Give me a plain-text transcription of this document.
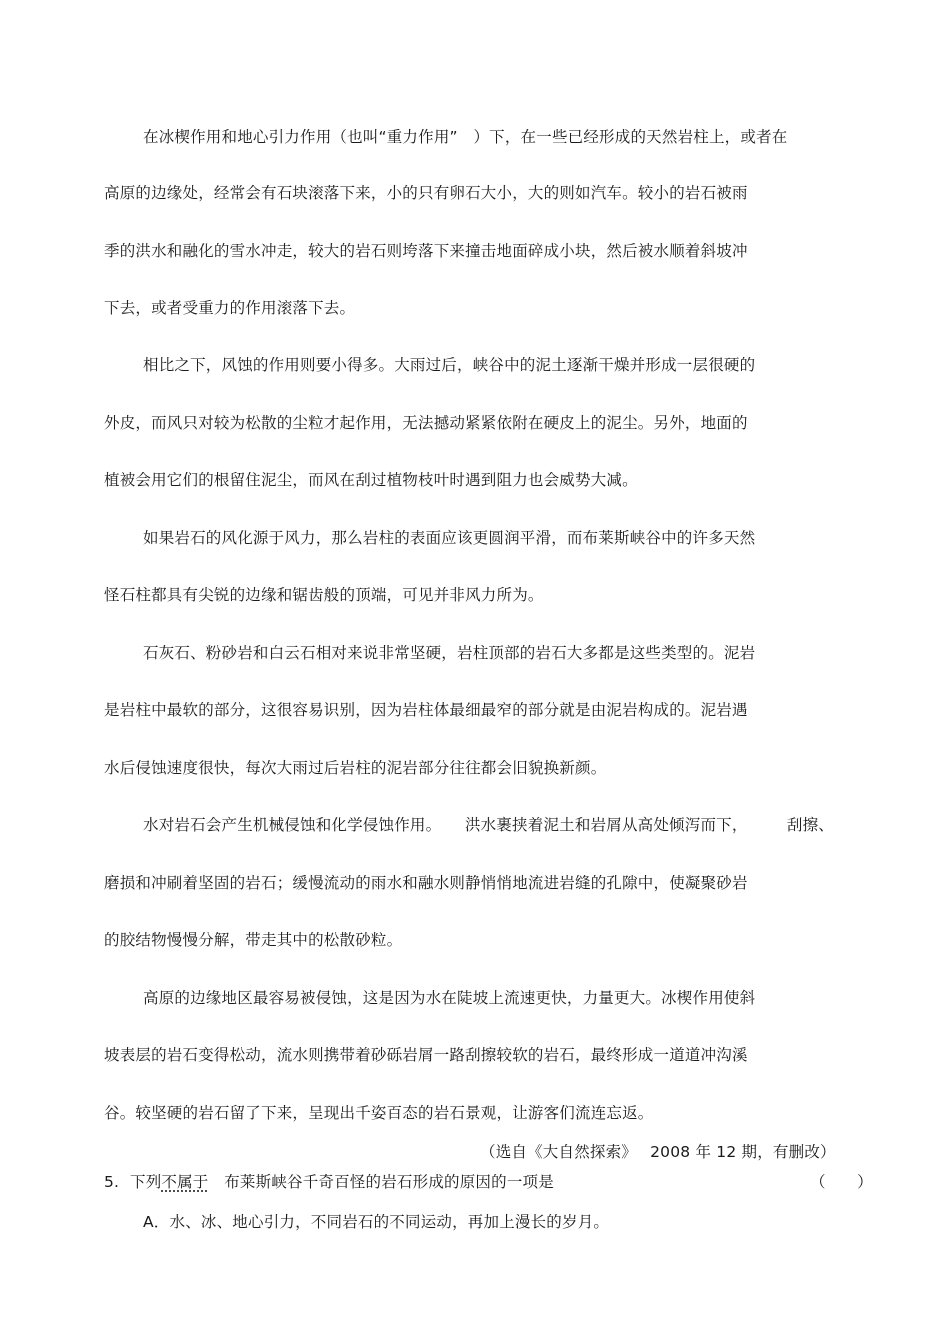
在冰楔作用和地心引力作用（也叫“重力作用”　）下，在一些已经形成的天然岩柱上，或者在
高原的边缘处，经常会有石块滚落下来，小的只有卵石大小，大的则如汽车。较小的岩石被雨
季的洪水和融化的雪水冲走，较大的岩石则垮落下来撞击地面碎成小块，然后被水顺着斜坡冲
下去，或者受重力的作用滚落下去。
相比之下，风蚀的作用则要小得多。大雨过后，峡谷中的泥土逐渐干燥并形成一层很硬的
外皮，而风只对较为松散的尘粒才起作用，无法撼动紧紧依附在硬皮上的泥尘。另外，地面的
植被会用它们的根留住泥尘，而风在刮过植物枝叶时遇到阻力也会威势大减。
如果岩石的风化源于风力，那么岩柱的表面应该更圆润平滑，而布莱斯峡谷中的许多天然
怪石柱都具有尖锐的边缘和锯齿般的顶端，可见并非风力所为。
石灰石、粉砂岩和白云石相对来说非常坚硬，岩柱顶部的岩石大多都是这些类型的。泥岩
是岩柱中最软的部分，这很容易识别，因为岩柱体最细最窄的部分就是由泥岩构成的。泥岩遇
水后侵蚀速度很快，每次大雨过后岩柱的泥岩部分往往都会旧貌换新颜。
水对岩石会产生机械侵蚀和化学侵蚀作用。　　洪水裹挟着泥土和岩屑从高处倾泻而下，　　　刮擦、
磨损和冲刷着坚固的岩石；缓慢流动的雨水和融水则静悄悄地流进岩缝的孔隙中，使凝聚砂岩
的胶结物慢慢分解，带走其中的松散砂粒。
高原的边缘地区最容易被侵蚀，这是因为水在陡坡上流速更快，力量更大。冰楔作用使斜
坡表层的岩石变得松动，流水则携带着砂砾岩屑一路刮擦较软的岩石，最终形成一道道冲沟溪
谷。较坚硬的岩石留了下来，呈现出千姿百态的岩石景观，让游客们流连忘返。
（选自《大自然探索》　 2008 年 12 期，有删改）
5. 下列不属于　布莱斯峡谷千奇百怪的岩石形成的原因的一项是	（　　）
A．水、冰、地心引力，不同岩石的不同运动，再加上漫长的岁月。
